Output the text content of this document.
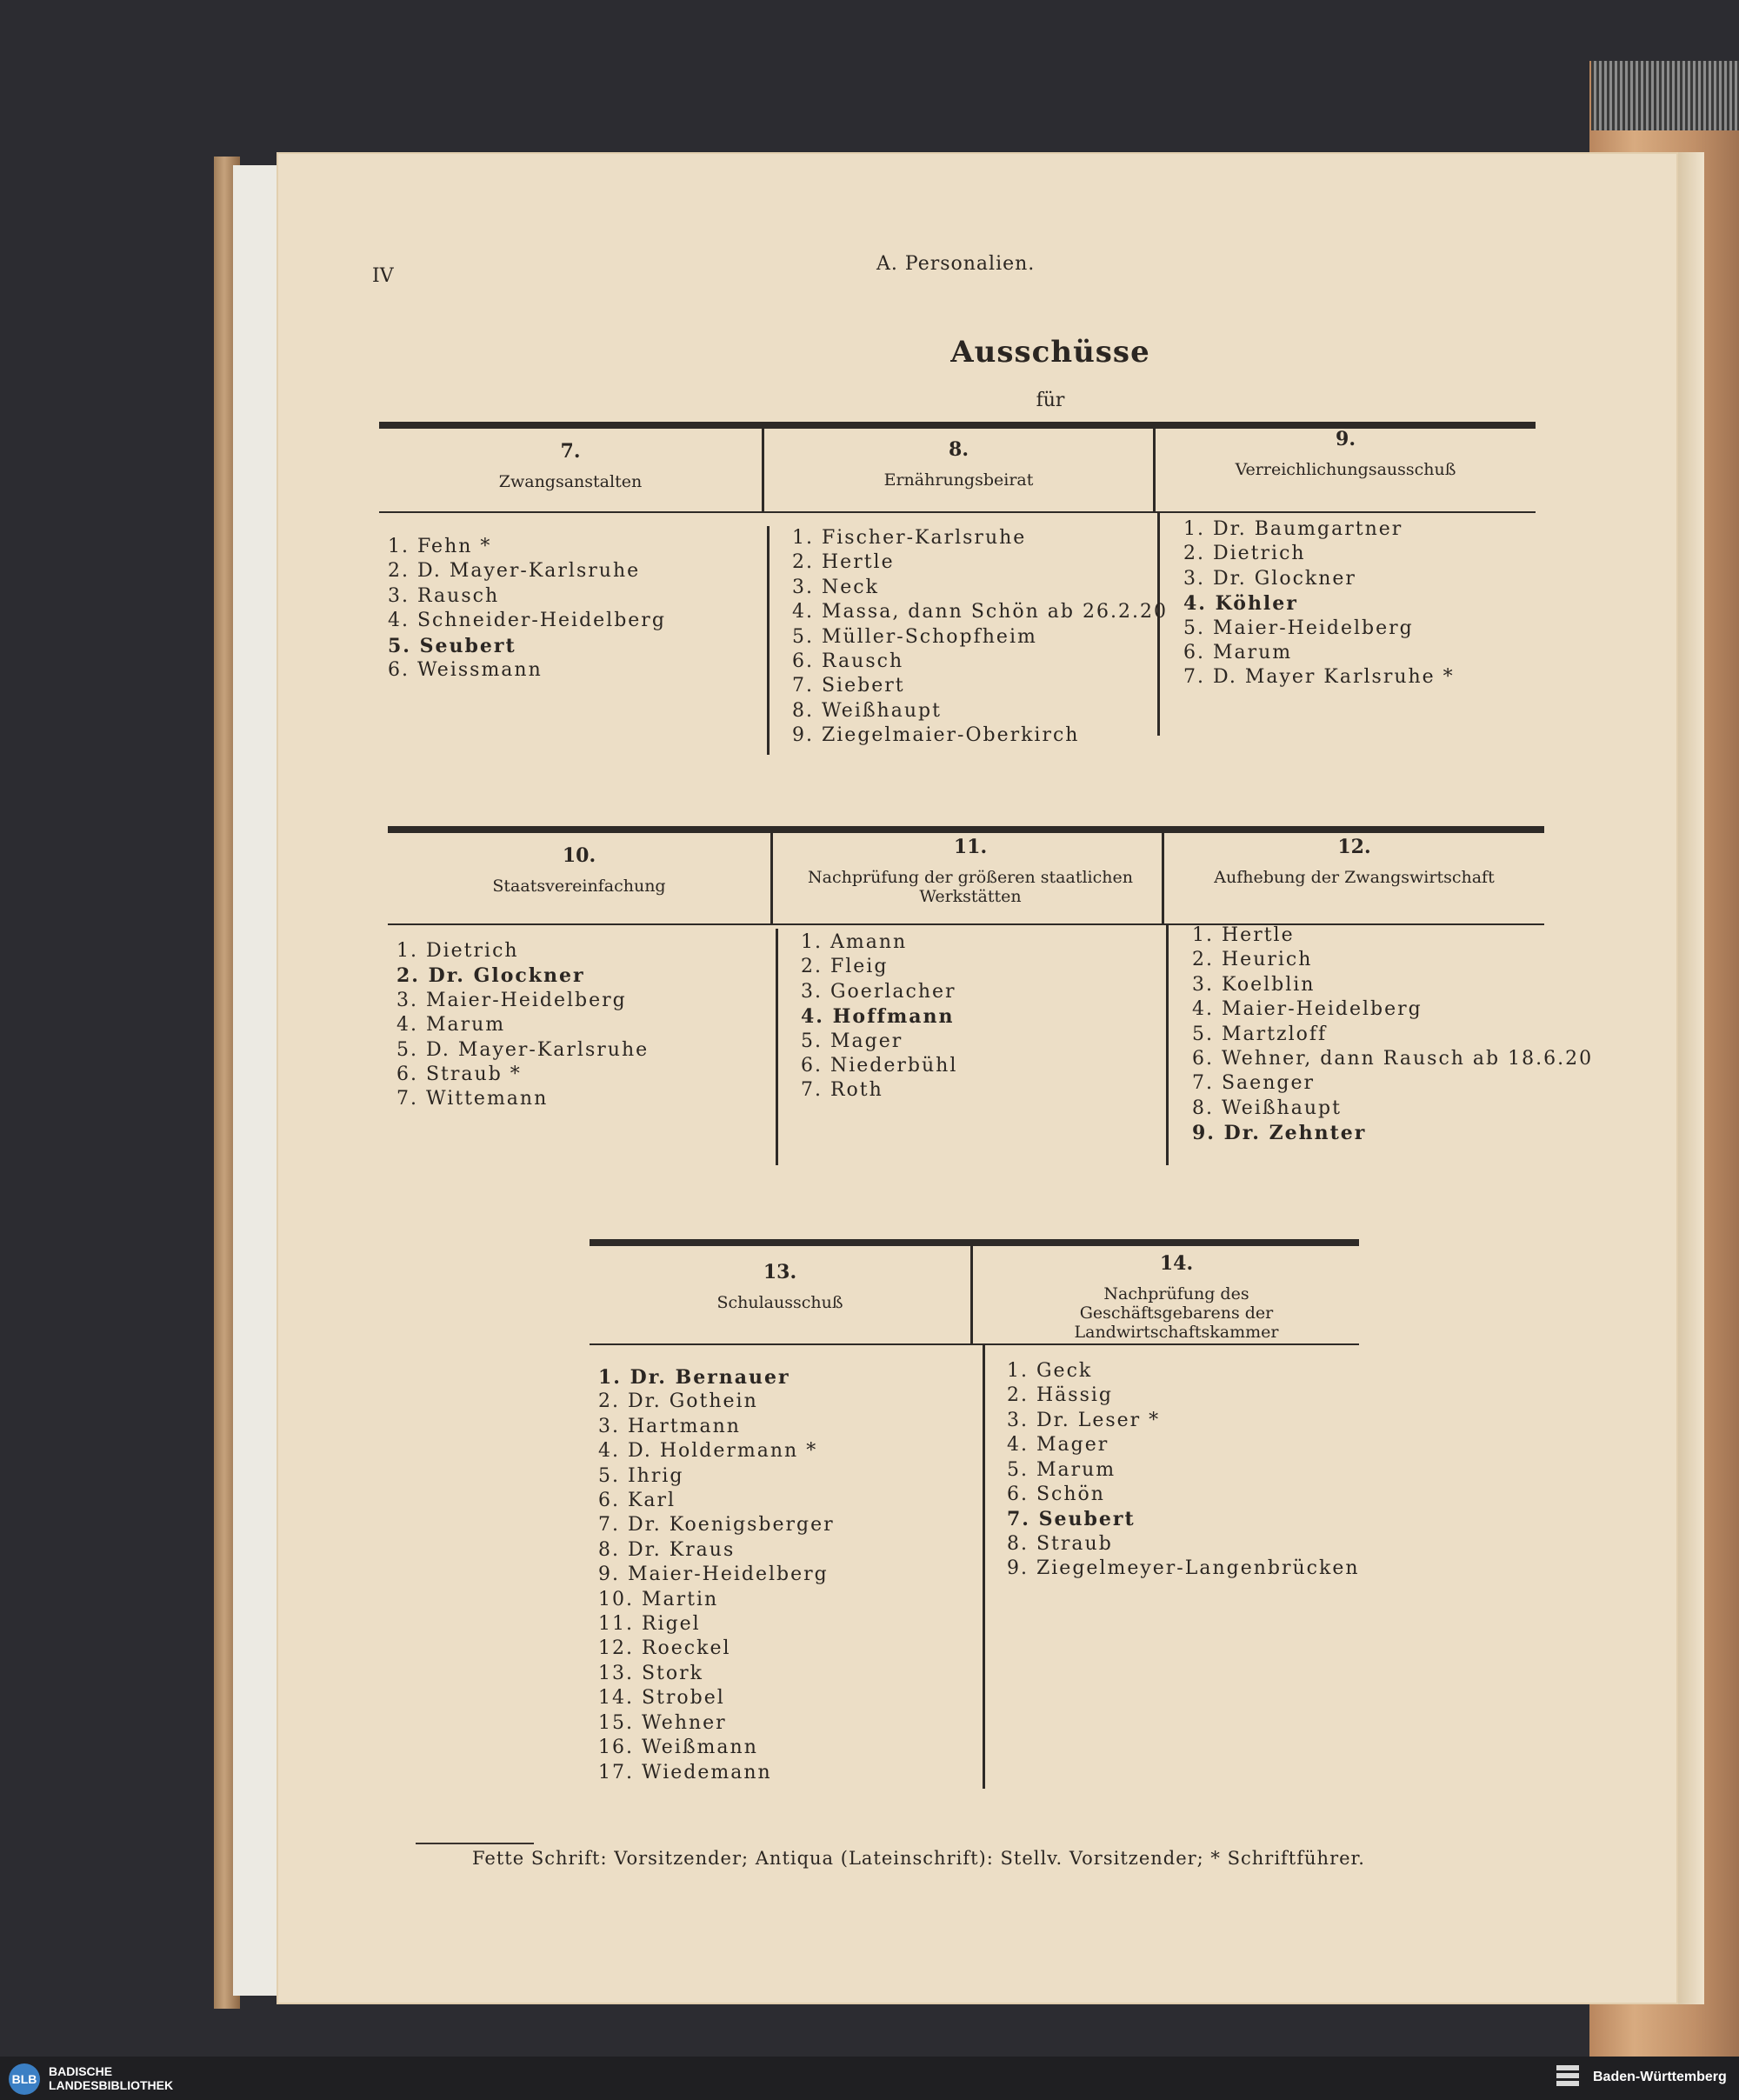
IV
A. Personalien.
Ausschüsse
für
7.
Zwangsanstalten
8.
Ernährungsbeirat
9.
Verreichlichungsausschuß
1. Fehn *
2. D. Mayer-Karlsruhe
3. Rausch
4. Schneider-Heidelberg
5. Seubert
6. Weissmann
1. Fischer-Karlsruhe
2. Hertle
3. Neck
4. Massa, dann Schön ab 26.2.20
5. Müller-Schopfheim
6. Rausch
7. Siebert
8. Weißhaupt
9. Ziegelmaier-Oberkirch
1. Dr. Baumgartner
2. Dietrich
3. Dr. Glockner
4. Köhler
5. Maier-Heidelberg
6. Marum
7. D. Mayer Karlsruhe *
10.
Staatsvereinfachung
11.
Nachprüfung der größeren staatlichen Werkstätten
12.
Aufhebung der Zwangswirtschaft
1. Dietrich
2. Dr. Glockner
3. Maier-Heidelberg
4. Marum
5. D. Mayer-Karlsruhe
6. Straub *
7. Wittemann
1. Amann
2. Fleig
3. Goerlacher
4. Hoffmann
5. Mager
6. Niederbühl
7. Roth
1. Hertle
2. Heurich
3. Koelblin
4. Maier-Heidelberg
5. Martzloff
6. Wehner, dann Rausch ab 18.6.20
7. Saenger
8. Weißhaupt
9. Dr. Zehnter
13.
Schulausschuß
14.
Nachprüfung des Geschäftsgebarens der Landwirtschaftskammer
1. Dr. Bernauer
2. Dr. Gothein
3. Hartmann
4. D. Holdermann *
5. Ihrig
6. Karl
7. Dr. Koenigsberger
8. Dr. Kraus
9. Maier-Heidelberg
10. Martin
11. Rigel
12. Roeckel
13. Stork
14. Strobel
15. Wehner
16. Weißmann
17. Wiedemann
1. Geck
2. Hässig
3. Dr. Leser *
4. Mager
5. Marum
6. Schön
7. Seubert
8. Straub
9. Ziegelmeyer-Langenbrücken
Fette Schrift: Vorsitzender; Antiqua (Lateinschrift): Stellv. Vorsitzender; * Schriftführer.
BLB
BADISCHE
LANDESBIBLIOTHEK
Baden-Württemberg
